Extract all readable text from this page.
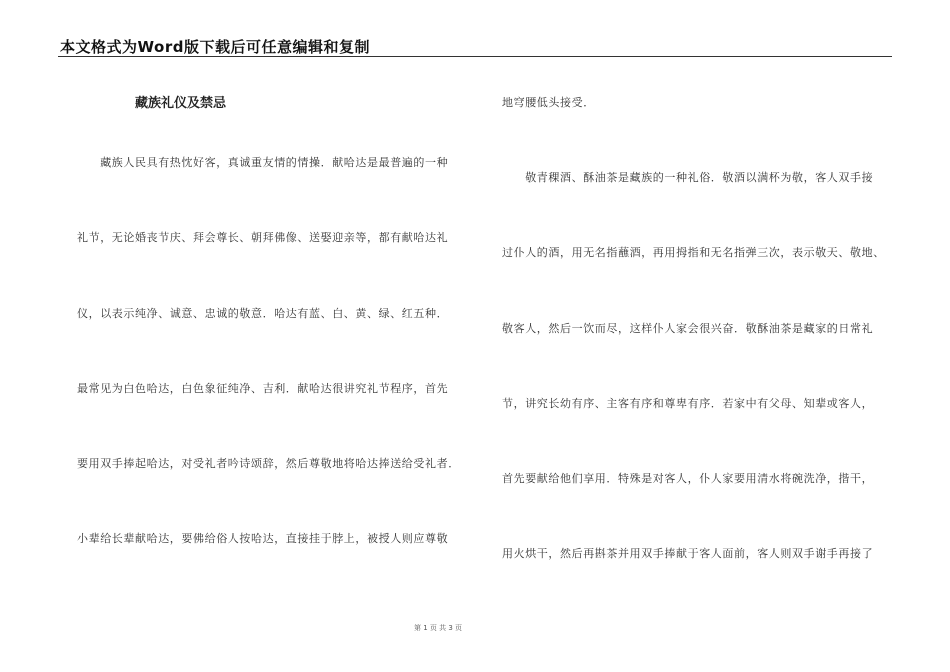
本文格式为Word版下载后可任意编辑和复制
藏族礼仪及禁忌
　　藏族人民具有热忱好客，真诚重友情的情操．献哈达是最普遍的一种
礼节，无论婚丧节庆、拜会尊长、朝拜佛像、送娶迎亲等，都有献哈达礼
仪，以表示纯净、诚意、忠诚的敬意．哈达有蓝、白、黄、绿、红五种．
最常见为白色哈达，白色象征纯净、吉利．献哈达很讲究礼节程序，首先
要用双手捧起哈达，对受礼者吟诗颂辞，然后尊敬地将哈达捧送给受礼者．
小辈给长辈献哈达，要佛给俗人按哈达，直接挂于脖上，被授人则应尊敬
地穹腰低头接受．
　　敬青稞酒、酥油茶是藏族的一种礼俗．敬酒以满杯为敬，客人双手接
过仆人的酒，用无名指蘸酒，再用拇指和无名指弹三次，表示敬天、敬地、
敬客人，然后一饮而尽，这样仆人家会很兴奋．敬酥油茶是藏家的日常礼
节，讲究长幼有序、主客有序和尊卑有序．若家中有父母、知辈或客人，
首先要献给他们享用．特殊是对客人，仆人家要用清水将碗洗净，揩干，
用火烘干，然后再斟茶并用双手捧献于客人面前，客人则双手谢手再接了
第 1 页 共 3 页
